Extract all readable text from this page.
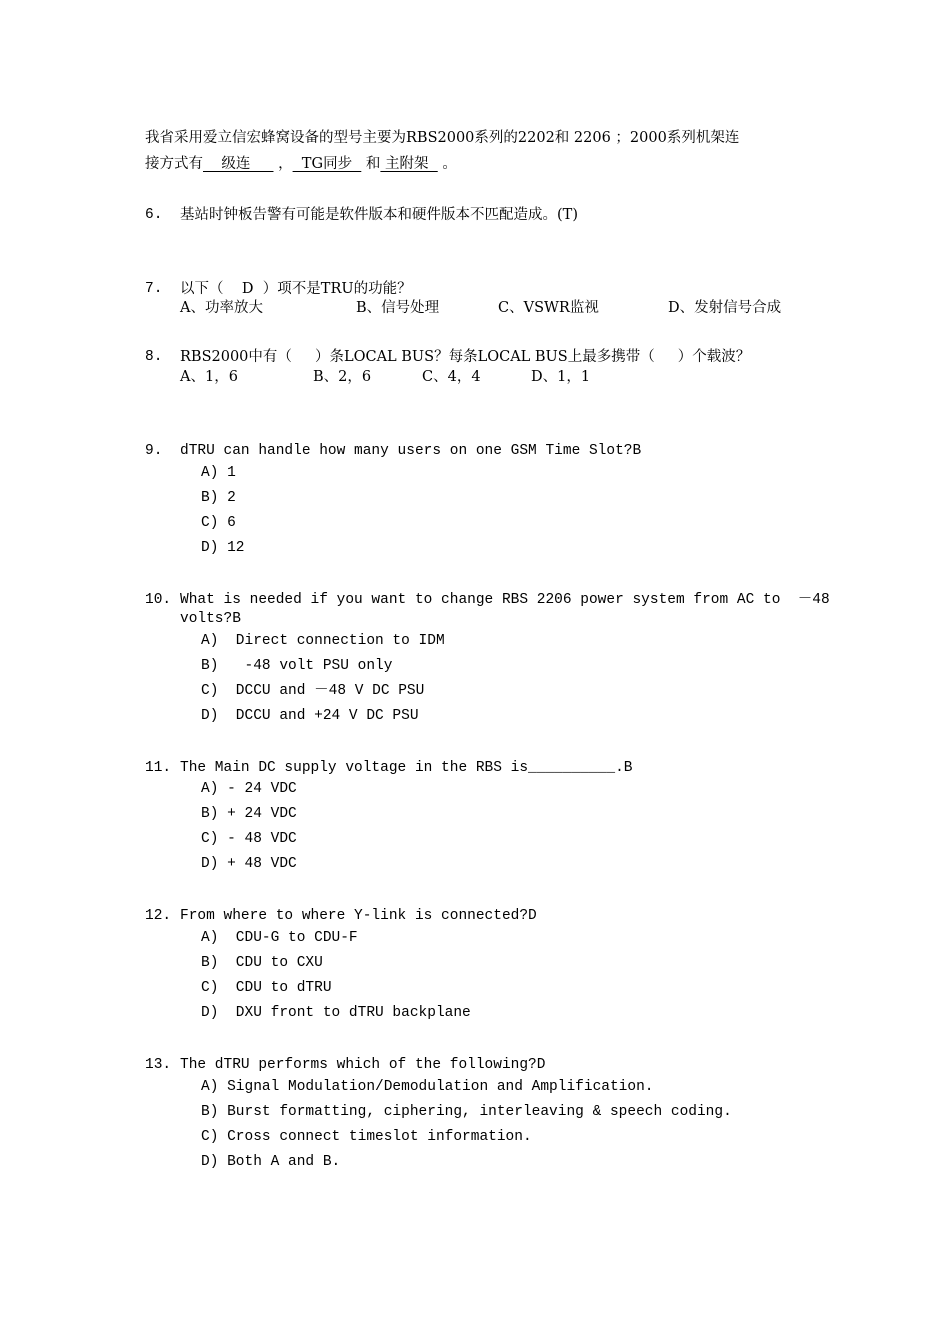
我省采用爱立信宏蜂窝设备的型号主要为RBS2000系列的2202和 2206 ；2000系列机架连
接方式有    级连      ，  TG同步   和 主附架   。
6. 基站时钟板告警有可能是软件版本和硬件版本不匹配造成。(T)
7. 以下（    D  ）项不是TRU的功能？
A、功率放大	B、信号处理	C、VSWR监视	D、发射信号合成
8. RBS2000中有（     ）条LOCAL BUS？每条LOCAL BUS上最多携带（     ）个载波？
A、1，6	B、2，6	C、4，4	D、1，1
9. dTRU can handle how many users on one GSM Time Slot?B
A) 1
B) 2
C) 6
D) 12
10. What is needed if you want to change RBS 2206 power system from AC to  －48
volts?B
A)  Direct connection to IDM
B)   -48 volt PSU only
C)  DCCU and －48 V DC PSU
D)  DCCU and +24 V DC PSU
11. The Main DC supply voltage in the RBS is__________.B
A) - 24 VDC
B) + 24 VDC
C) - 48 VDC
D) + 48 VDC
12. From where to where Y-link is connected?D
A)  CDU-G to CDU-F
B)  CDU to CXU
C)  CDU to dTRU
D)  DXU front to dTRU backplane
13. The dTRU performs which of the following?D
A) Signal Modulation/Demodulation and Amplification.
B) Burst formatting, ciphering, interleaving & speech coding.
C) Cross connect timeslot information.
D) Both A and B.
